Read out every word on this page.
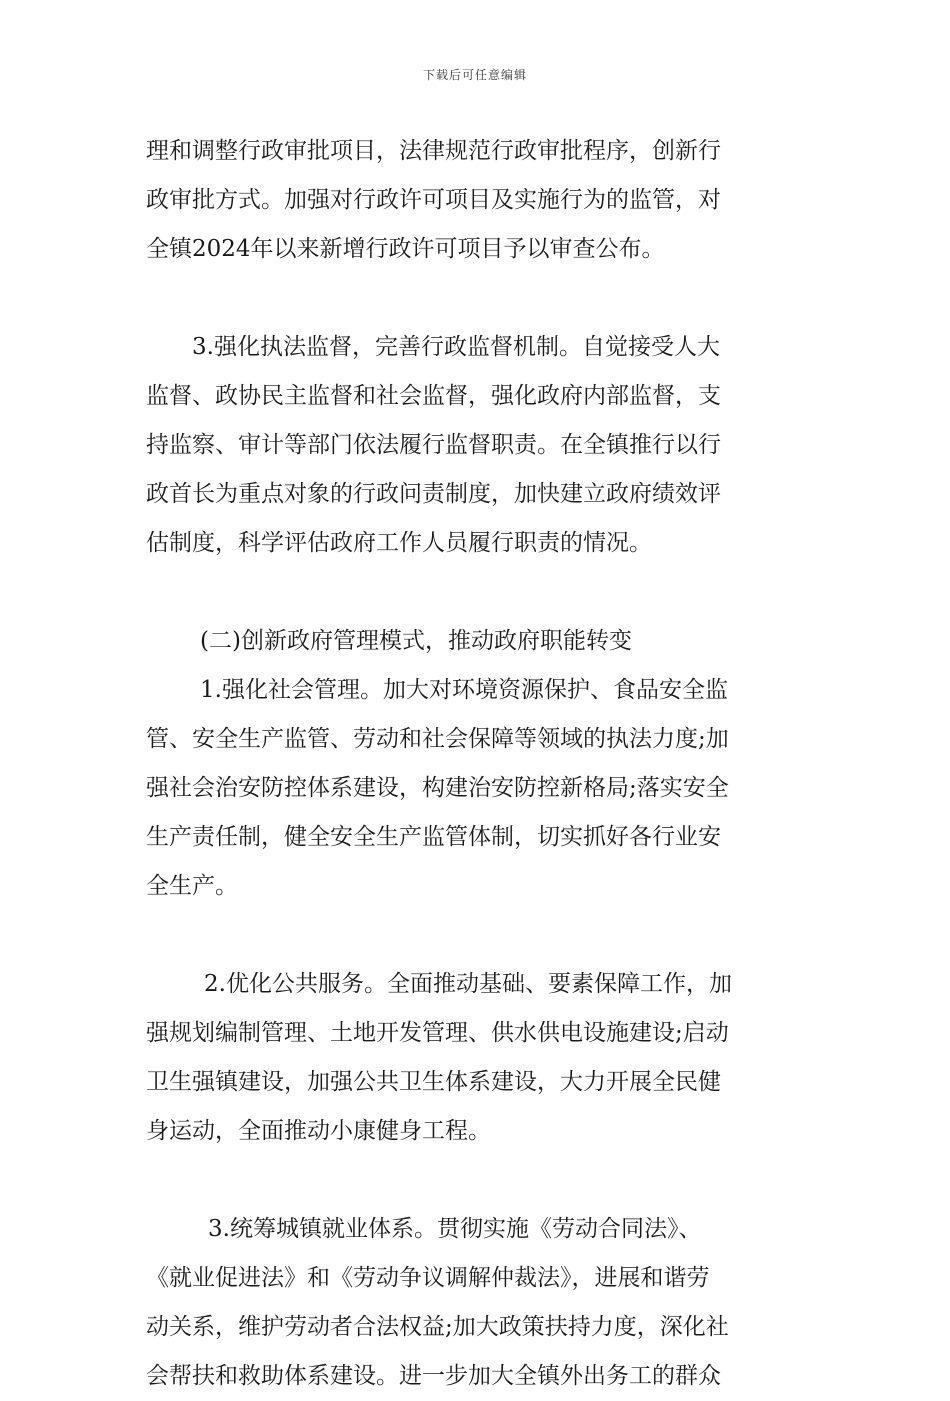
下载后可任意编辑
理和调整行政审批项目，法律规范行政审批程序，创新行
政审批方式。加强对行政许可项目及实施行为的监管，对
全镇2024年以来新增行政许可项目予以审查公布。
3.强化执法监督，完善行政监督机制。自觉接受人大
监督、政协民主监督和社会监督，强化政府内部监督，支
持监察、审计等部门依法履行监督职责。在全镇推行以行
政首长为重点对象的行政问责制度，加快建立政府绩效评
估制度，科学评估政府工作人员履行职责的情况。
(二)创新政府管理模式，推动政府职能转变
1.强化社会管理。加大对环境资源保护、食品安全监
管、安全生产监管、劳动和社会保障等领域的执法力度;加
强社会治安防控体系建设，构建治安防控新格局;落实安全
生产责任制，健全安全生产监管体制，切实抓好各行业安
全生产。
2.优化公共服务。全面推动基础、要素保障工作，加
强规划编制管理、土地开发管理、供水供电设施建设;启动
卫生强镇建设，加强公共卫生体系建设，大力开展全民健
身运动，全面推动小康健身工程。
3.统筹城镇就业体系。贯彻实施《劳动合同法》、
《就业促进法》和《劳动争议调解仲裁法》，进展和谐劳
动关系，维护劳动者合法权益;加大政策扶持力度，深化社
会帮扶和救助体系建设。进一步加大全镇外出务工的群众
